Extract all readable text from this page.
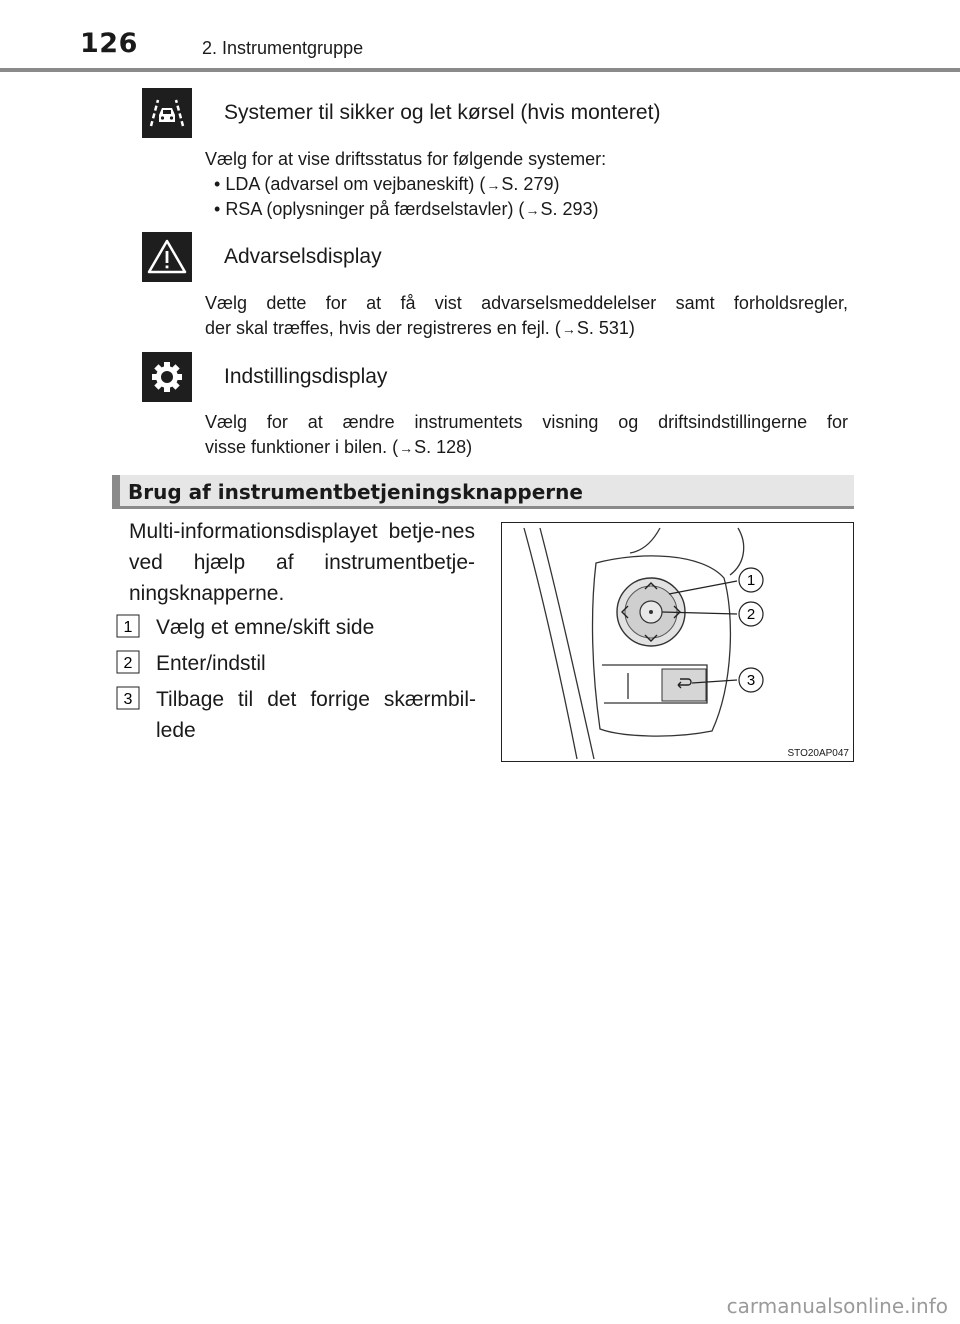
126	2. Instrumentgruppe
Systemer til sikker og let kørsel (hvis monteret)
Vælg for at vise driftsstatus for følgende systemer:
• LDA (advarsel om vejbaneskift) (→S. 279)
• RSA (oplysninger på færdselstavler) (→S. 293)
Advarselsdisplay
Vælg dette for at få vist advarselsmeddelelser samt forholdsregler,
der skal træffes, hvis der registreres en fejl. (→S. 531)
Indstillingsdisplay
Vælg for at ændre instrumentets visning og driftsindstillingerne for
visse funktioner i bilen. (→S. 128)
Brug af instrumentbetjeningsknapperne
Multi-informationsdisplayet betje-nes ved hjælp af instrumentbetje-ningsknapperne.
1 Vælg et emne/skift side
2 Enter/indstil
3 Tilbage til det forrige skærmbil-lede
1
2
3
STO20AP047
carmanualsonline.info
